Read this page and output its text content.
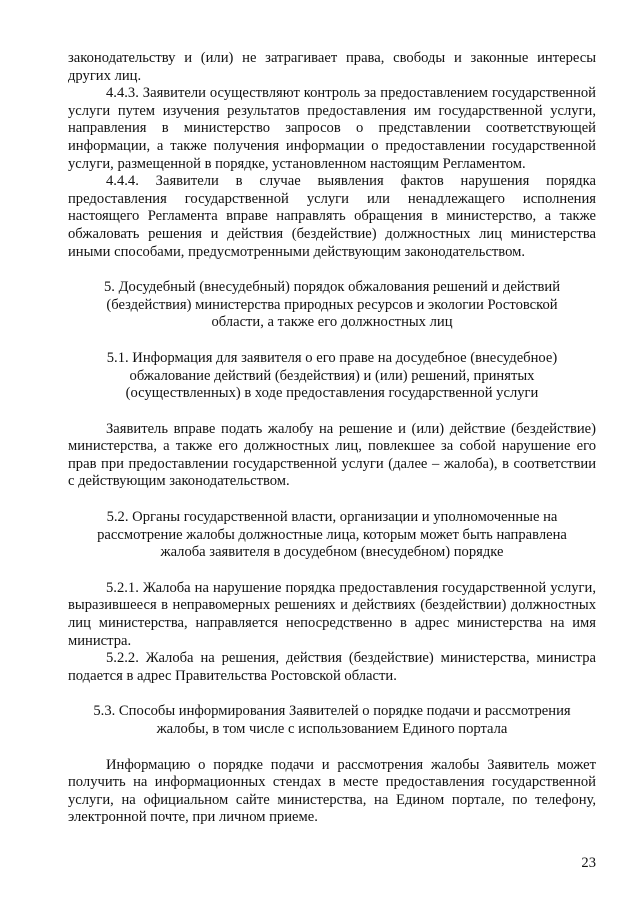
законодательству и (или) не затрагивает права, свободы и законные интересы других лиц.

4.4.3. Заявители осуществляют контроль за предоставлением государственной услуги путем изучения результатов предоставления им государственной услуги, направления в министерство запросов о представлении соответствующей информации, а также получения информации о предоставлении государственной услуги, размещенной в порядке, установленном настоящим Регламентом.

4.4.4. Заявители в случае выявления фактов нарушения порядка предоставления государственной услуги или ненадлежащего исполнения настоящего Регламента вправе направлять обращения в министерство, а также обжаловать решения и действия (бездействие) должностных лиц министерства иными способами, предусмотренными действующим законодательством.

5. Досудебный (внесудебный) порядок обжалования решений и действий (бездействия) министерства природных ресурсов и экологии Ростовской области, а также его должностных лиц

5.1. Информация для заявителя о его праве на досудебное (внесудебное) обжалование действий (бездействия) и (или) решений, принятых (осуществленных) в ходе предоставления государственной услуги

Заявитель вправе подать жалобу на решение и (или) действие (бездействие) министерства, а также его должностных лиц, повлекшее за собой нарушение его прав при предоставлении государственной услуги (далее – жалоба), в соответствии с действующим законодательством.

5.2. Органы государственной власти, организации и уполномоченные на рассмотрение жалобы должностные лица, которым может быть направлена жалоба заявителя в досудебном (внесудебном) порядке

5.2.1. Жалоба на нарушение порядка предоставления государственной услуги, выразившееся в неправомерных решениях и действиях (бездействии) должностных лиц министерства, направляется непосредственно в адрес министерства на имя министра.

5.2.2. Жалоба на решения, действия (бездействие) министерства, министра подается в адрес Правительства Ростовской области.

5.3. Способы информирования Заявителей о порядке подачи и рассмотрения жалобы, в том числе с использованием Единого портала

Информацию о порядке подачи и рассмотрения жалобы Заявитель может получить на информационных стендах в месте предоставления государственной услуги, на официальном сайте министерства, на Едином портале, по телефону, электронной почте, при личном приеме.

23
